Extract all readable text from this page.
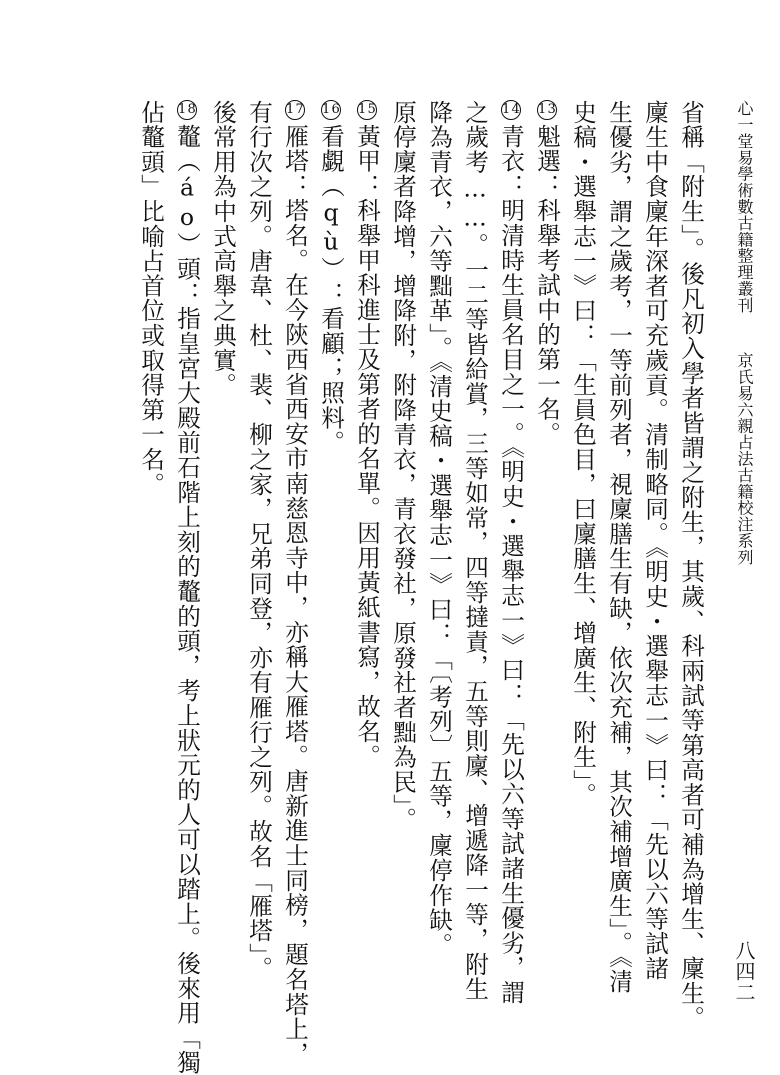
心一堂易學術數古籍整理叢刊  京氏易六親占法古籍校注系列
八四二
省稱「附生」。後凡初入學者皆謂之附生，其歲、科兩試等第高者可補為增生、廩生。
廩生中食廩年深者可充歲貢。清制略同。《明史・選舉志一》曰：「先以六等試諸
生優劣，謂之歲考，一等前列者，視廩膳生有缺，依次充補，其次補增廣生」。《清
史稿・選舉志一》曰：「生員色目，曰廩膳生、增廣生、附生」。
13魁選：科舉考試中的第一名。
14青衣：明清時生員名目之一。《明史・選舉志一》曰：「先以六等試諸生優劣，謂
之歲考……。一二等皆給賞，三等如常，四等撻責，五等則廩、增遞降一等，附生
降為青衣，六等黜革」。《清史稿・選舉志一》曰：「〔考列〕五等，廩停作缺。
原停廩者降增，增降附，附降青衣，青衣發社，原發社者黜為民」。
15黃甲：科舉甲科進士及第者的名單。因用黃紙書寫，故名。
16看覷（qù）：看顧；照料。
17雁塔：塔名。在今陝西省西安市南慈恩寺中，亦稱大雁塔。唐新進士同榜，題名塔上，
有行次之列。唐韋、杜、裴、柳之家，兄弟同登，亦有雁行之列。故名「雁塔」。
後常用為中式高舉之典實。
18鼇（áo）頭：指皇宮大殿前石階上刻的鼇的頭，考上狀元的人可以踏上。後來用「獨
佔鼇頭」比喻占首位或取得第一名。
